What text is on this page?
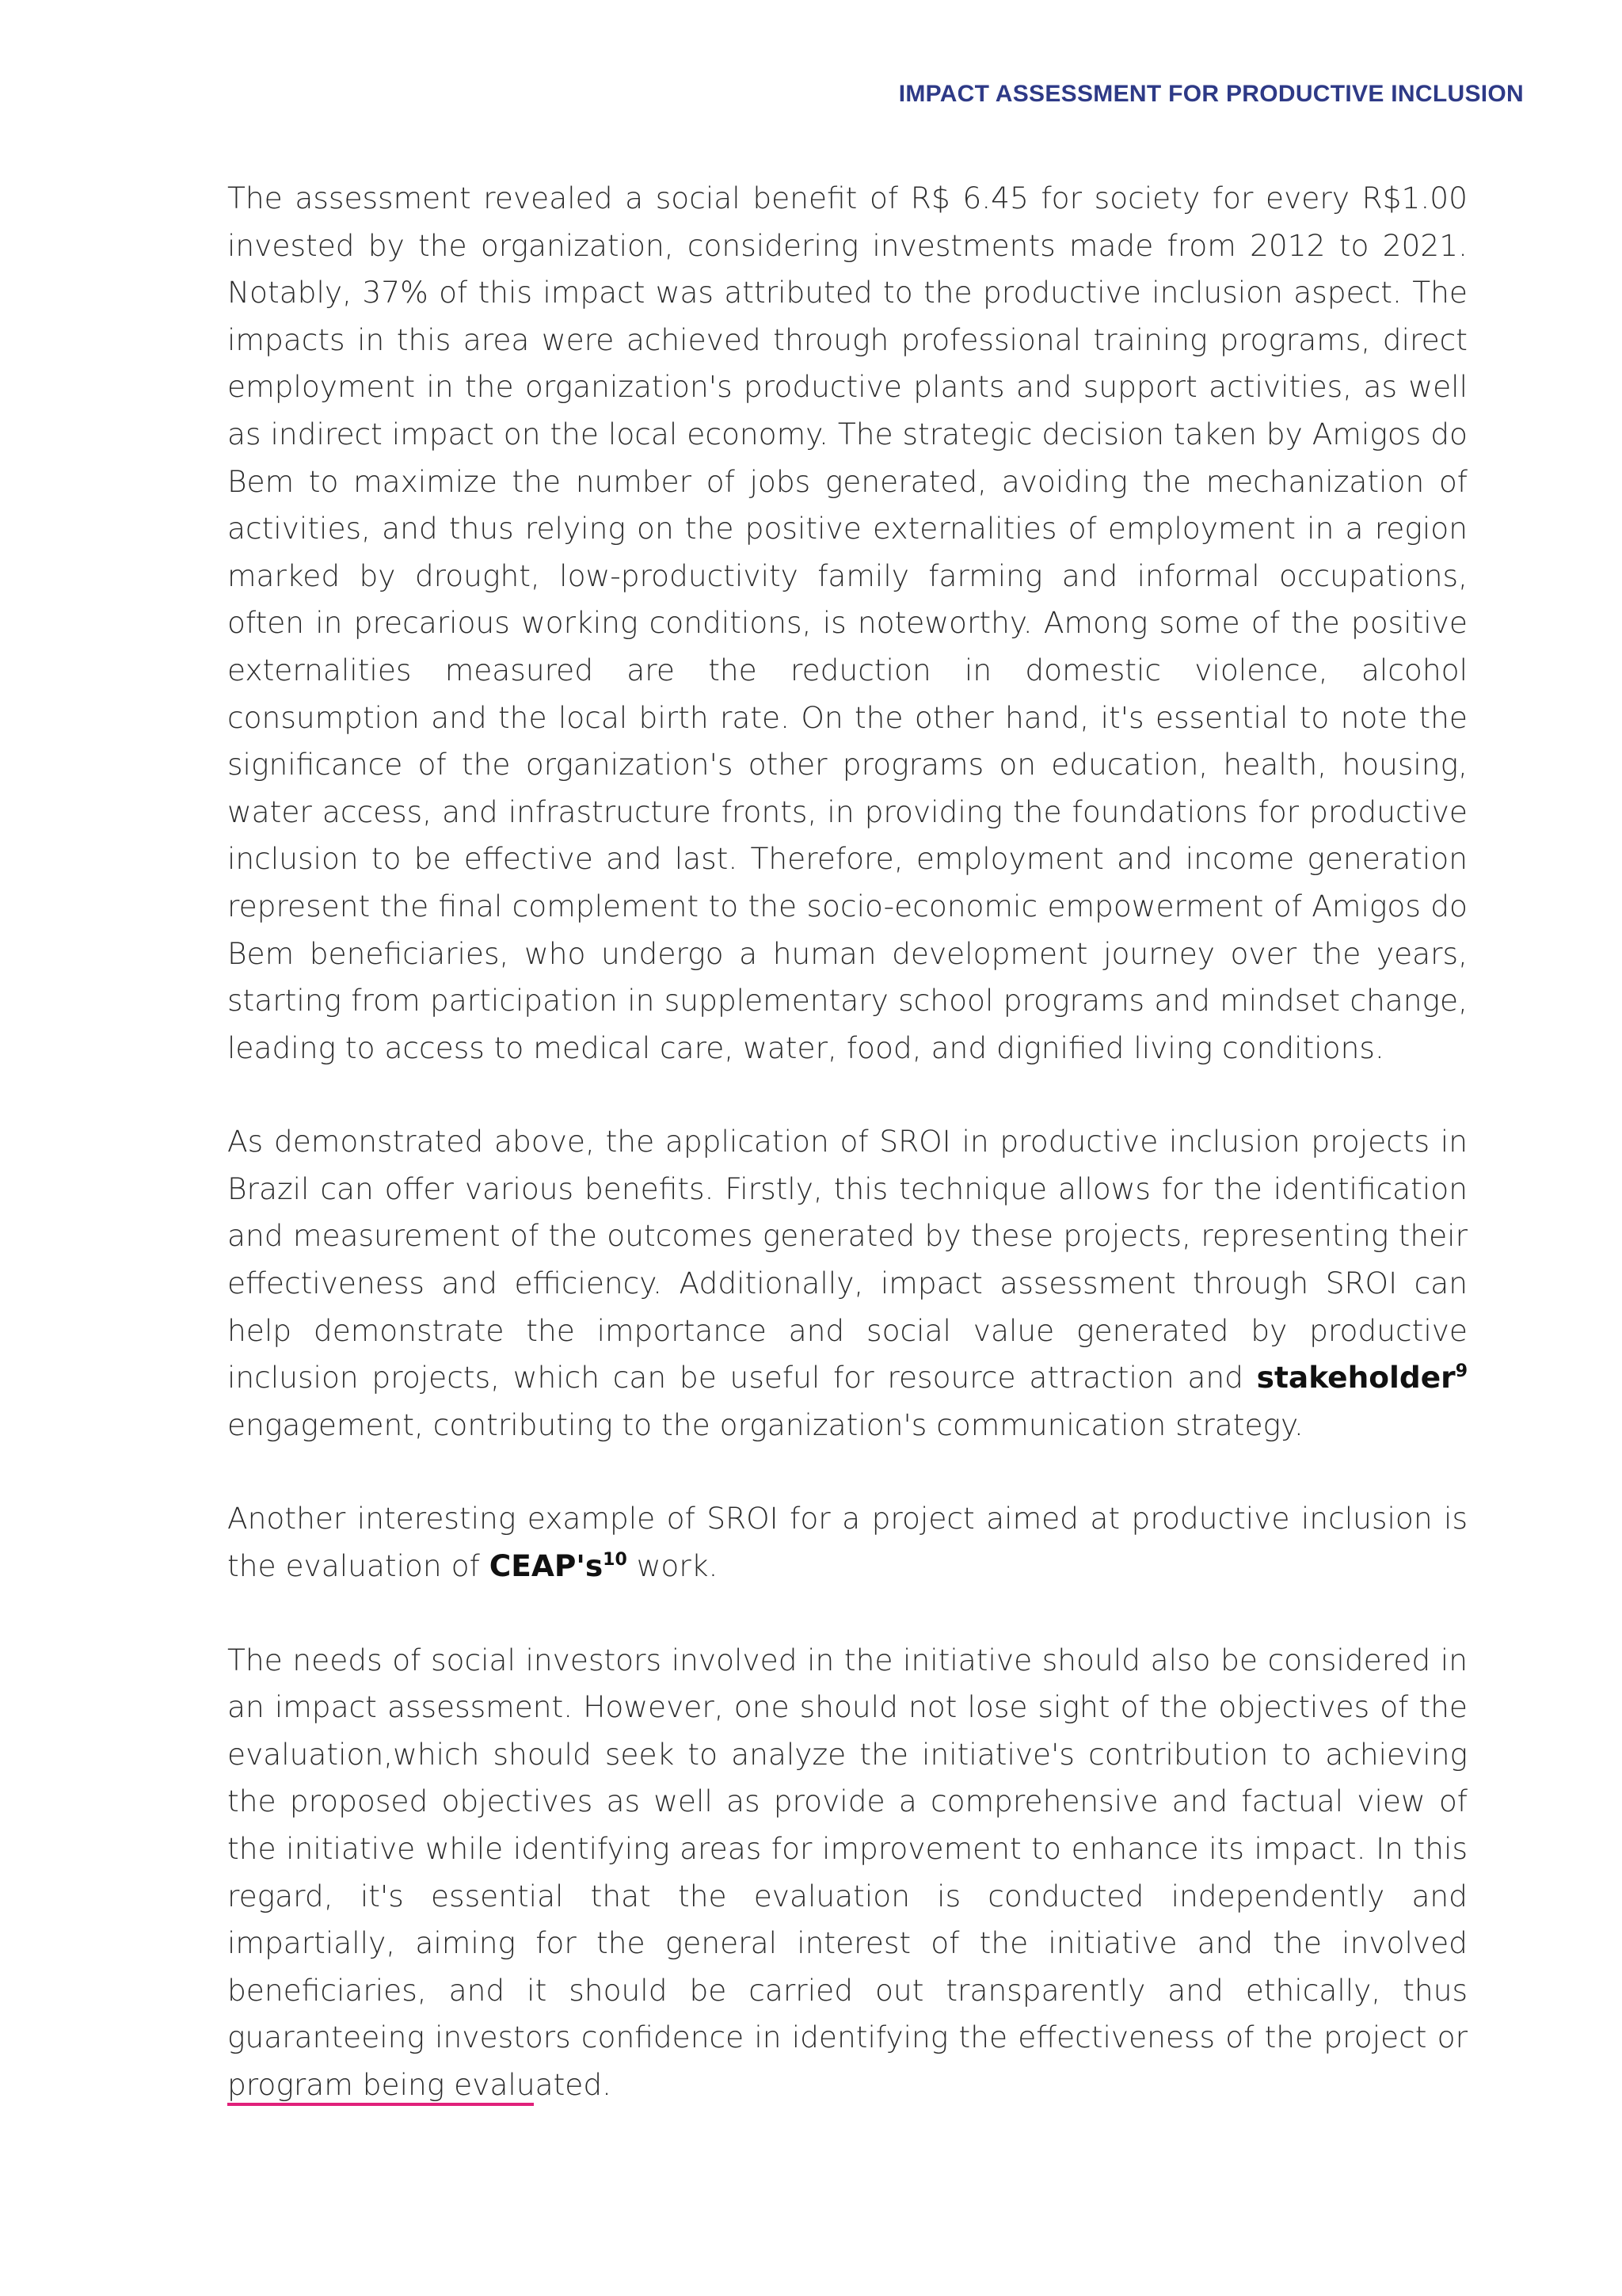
IMPACT ASSESSMENT FOR PRODUCTIVE INCLUSION

The assessment revealed a social benefit of R$ 6.45 for society for every R$1.00 invested by the organization, considering investments made from 2012 to 2021. Notably, 37% of this impact was attributed to the productive inclusion aspect. The impacts in this area were achieved through professional training programs, direct employment in the organization's productive plants and support activities, as well as indirect impact on the local economy. The strategic decision taken by Amigos do Bem to maximize the number of jobs generated, avoiding the mechanization of activities, and thus relying on the positive externalities of employment in a region marked by drought, low-productivity family farming and informal occupations, often in precarious working conditions, is noteworthy. Among some of the positive externalities measured are the reduction in domestic violence, alcohol consumption and the local birth rate. On the other hand, it's essential to note the significance of the organization's other programs on education, health, housing, water access, and infrastructure fronts, in providing the foundations for productive inclusion to be effective and last. Therefore, employment and income generation represent the final complement to the socio-economic empowerment of Amigos do Bem beneficiaries, who undergo a human development journey over the years, starting from participation in supplementary school programs and mindset change, leading to access to medical care, water, food, and dignified living conditions.

As demonstrated above, the application of SROI in productive inclusion projects in Brazil can offer various benefits. Firstly, this technique allows for the identification and measurement of the outcomes generated by these projects, representing their effectiveness and efficiency. Additionally, impact assessment through SROI can help demonstrate the importance and social value generated by productive inclusion projects, which can be useful for resource attraction and stakeholder$^9$ engagement, contributing to the organization's communication strategy.

Another interesting example of SROI for a project aimed at productive inclusion is the evaluation of $CEAP's^{10}$ work.

The needs of social investors involved in the initiative should also be considered in an impact assessment. However, one should not lose sight of the objectives of the evaluation,which should seek to analyze the initiative's contribution to achieving the proposed objectives as well as provide a comprehensive and factual view of the initiative while identifying areas for improvement to enhance its impact. In this regard, it's essential that the evaluation is conducted independently and impartially, aiming for the general interest of the initiative and the involved beneficiaries, and it should be carried out transparently and ethically, thus guaranteeing investors confidence in identifying the effectiveness of the project or program being evaluated.
